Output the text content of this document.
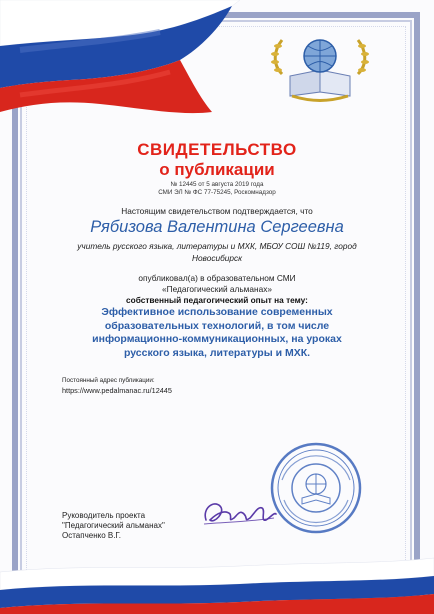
СВИДЕТЕЛЬСТВО
о публикации
№ 12445 от 5 августа 2019 года
СМИ ЭЛ № ФС 77-75245, Роскомнадзор
Настоящим свидетельством подтверждается, что
Рябизова Валентина Сергеевна
учитель русского языка, литературы и МХК, МБОУ СОШ №119, город
Новосибирск
опубликовал(а) в образовательном СМИ
«Педагогический альманах»
собственный педагогический опыт на тему:
Эффективное использование современных
образовательных технологий, в том числе
информационно-коммуникационных, на уроках
русского языка, литературы и МХК.
Постоянный адрес публикации:
https://www.pedalmanac.ru/12445
Руководитель проекта
"Педагогический альманах"
Остапченко В.Г.
